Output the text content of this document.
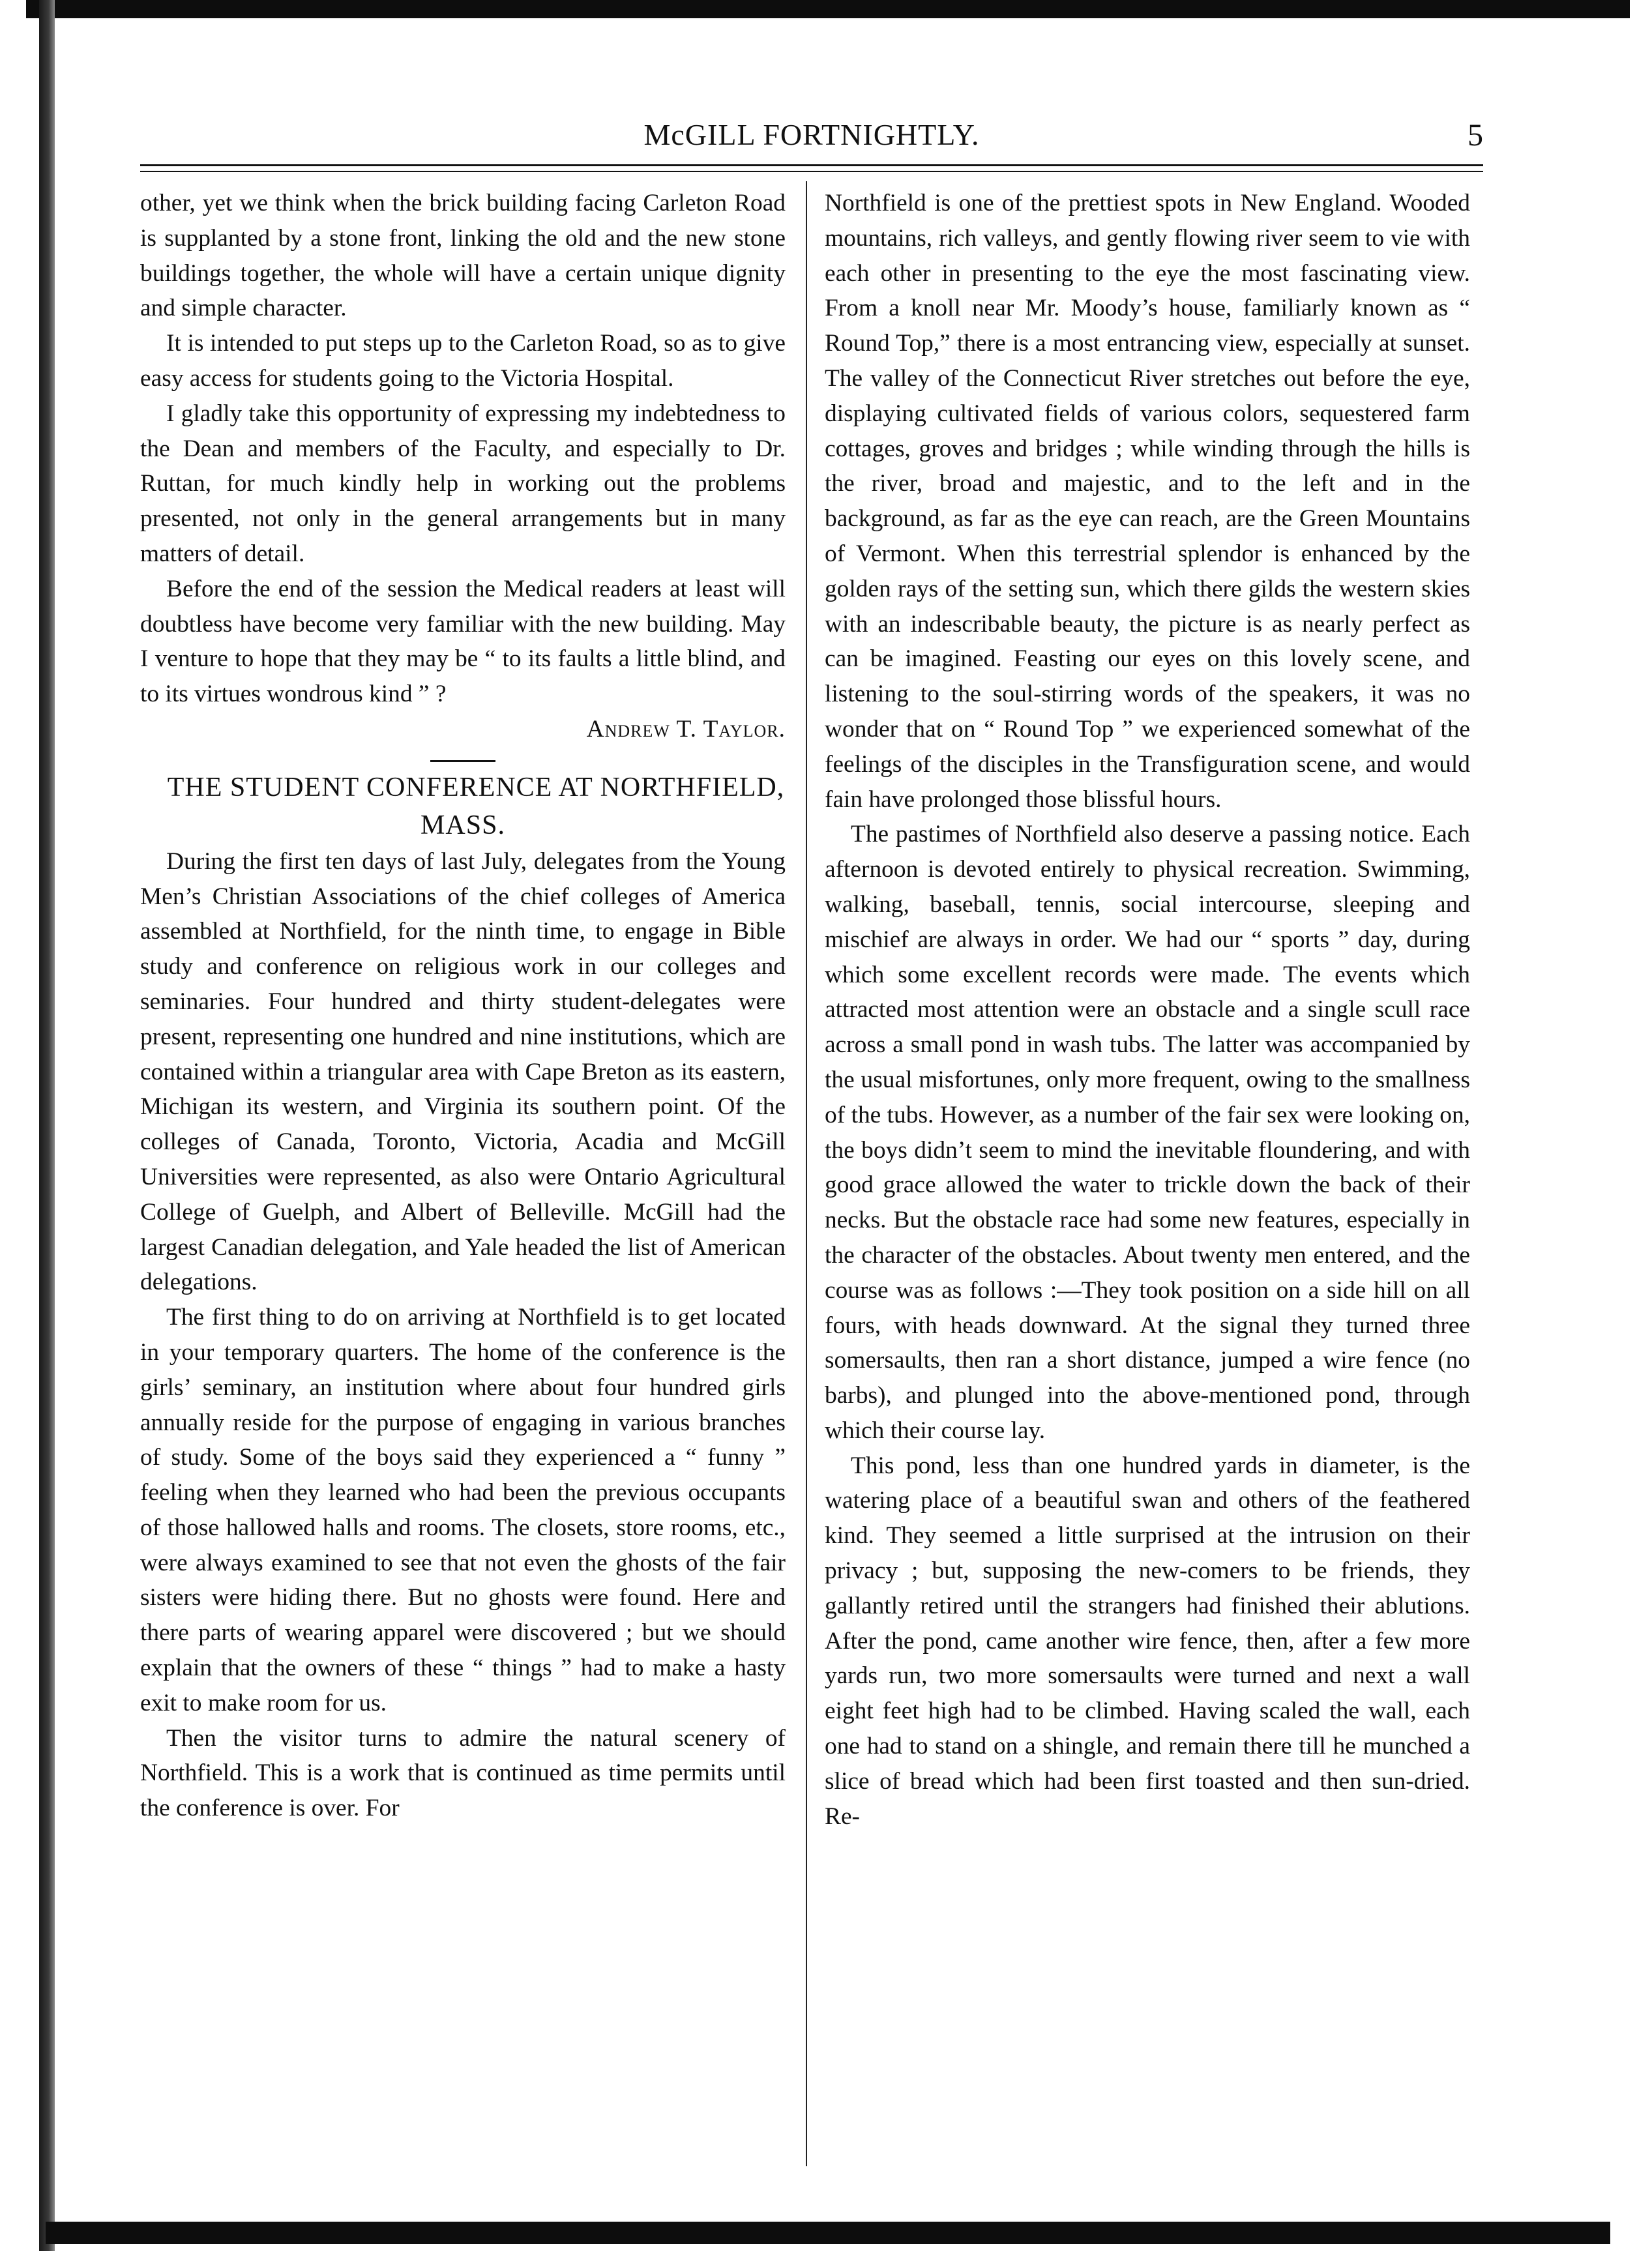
McGILL FORTNIGHTLY.	5

other, yet we think when the brick building facing Carleton Road is supplanted by a stone front, linking the old and the new stone buildings together, the whole will have a certain unique dignity and simple character.

It is intended to put steps up to the Carleton Road, so as to give easy access for students going to the Victoria Hospital.

I gladly take this opportunity of expressing my indebtedness to the Dean and members of the Faculty, and especially to Dr. Ruttan, for much kindly help in working out the problems presented, not only in the general arrangements but in many matters of detail.

Before the end of the session the Medical readers at least will doubtless have become very familiar with the new building. May I venture to hope that they may be “ to its faults a little blind, and to its virtues wondrous kind ” ?

Andrew T. Taylor.

THE STUDENT CONFERENCE AT NORTHFIELD, MASS.

During the first ten days of last July, delegates from the Young Men’s Christian Associations of the chief colleges of America assembled at Northfield, for the ninth time, to engage in Bible study and conference on religious work in our colleges and seminaries. Four hundred and thirty student-delegates were present, representing one hundred and nine institutions, which are contained within a triangular area with Cape Breton as its eastern, Michigan its western, and Virginia its southern point. Of the colleges of Canada, Toronto, Victoria, Acadia and McGill Universities were represented, as also were Ontario Agricultural College of Guelph, and Albert of Belleville. McGill had the largest Canadian delegation, and Yale headed the list of American delegations.

The first thing to do on arriving at Northfield is to get located in your temporary quarters. The home of the conference is the girls’ seminary, an institution where about four hundred girls annually reside for the purpose of engaging in various branches of study. Some of the boys said they experienced a “ funny ” feeling when they learned who had been the previous occupants of those hallowed halls and rooms. The closets, store rooms, etc., were always examined to see that not even the ghosts of the fair sisters were hiding there. But no ghosts were found. Here and there parts of wearing apparel were discovered ; but we should explain that the owners of these “ things ” had to make a hasty exit to make room for us.

Then the visitor turns to admire the natural scenery of Northfield. This is a work that is continued as time permits until the conference is over. For

Northfield is one of the prettiest spots in New England. Wooded mountains, rich valleys, and gently flowing river seem to vie with each other in presenting to the eye the most fascinating view. From a knoll near Mr. Moody’s house, familiarly known as “ Round Top,” there is a most entrancing view, especially at sunset. The valley of the Connecticut River stretches out before the eye, displaying cultivated fields of various colors, sequestered farm cottages, groves and bridges ; while winding through the hills is the river, broad and majestic, and to the left and in the background, as far as the eye can reach, are the Green Mountains of Vermont. When this terrestrial splendor is enhanced by the golden rays of the setting sun, which there gilds the western skies with an indescribable beauty, the picture is as nearly perfect as can be imagined. Feasting our eyes on this lovely scene, and listening to the soul-stirring words of the speakers, it was no wonder that on “ Round Top ” we experienced somewhat of the feelings of the disciples in the Transfiguration scene, and would fain have prolonged those blissful hours.

The pastimes of Northfield also deserve a passing notice. Each afternoon is devoted entirely to physical recreation. Swimming, walking, baseball, tennis, social intercourse, sleeping and mischief are always in order. We had our “ sports ” day, during which some excellent records were made. The events which attracted most attention were an obstacle and a single scull race across a small pond in wash tubs. The latter was accompanied by the usual misfortunes, only more frequent, owing to the smallness of the tubs. However, as a number of the fair sex were looking on, the boys didn’t seem to mind the inevitable floundering, and with good grace allowed the water to trickle down the back of their necks. But the obstacle race had some new features, especially in the character of the obstacles. About twenty men entered, and the course was as follows :—They took position on a side hill on all fours, with heads downward. At the signal they turned three somersaults, then ran a short distance, jumped a wire fence (no barbs), and plunged into the above-mentioned pond, through which their course lay.

This pond, less than one hundred yards in diameter, is the watering place of a beautiful swan and others of the feathered kind. They seemed a little surprised at the intrusion on their privacy ; but, supposing the new-comers to be friends, they gallantly retired until the strangers had finished their ablutions. After the pond, came another wire fence, then, after a few more yards run, two more somersaults were turned and next a wall eight feet high had to be climbed. Having scaled the wall, each one had to stand on a shingle, and remain there till he munched a slice of bread which had been first toasted and then sun-dried. Re-
